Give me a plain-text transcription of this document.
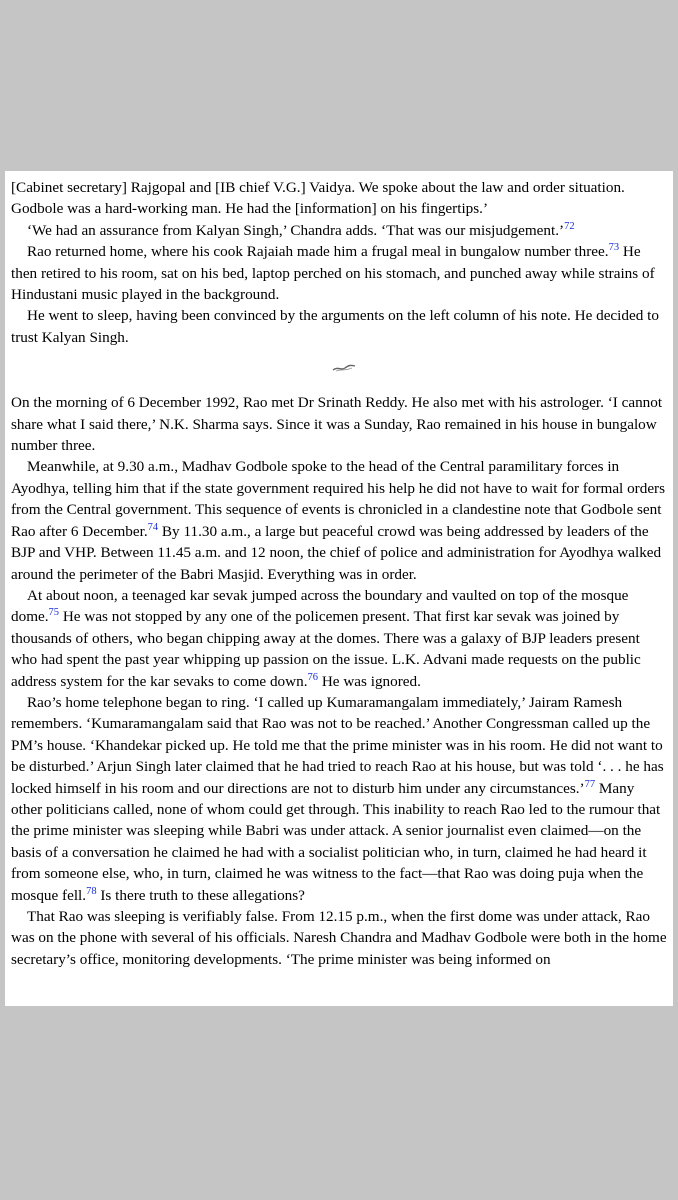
[Cabinet secretary] Rajgopal and [IB chief V.G.] Vaidya. We spoke about the law and order situation. Godbole was a hard-working man. He had the [information] on his fingertips.’

‘We had an assurance from Kalyan Singh,’ Chandra adds. ‘That was our misjudgement.’$^{72}$

Rao returned home, where his cook Rajaiah made him a frugal meal in bungalow number three.$^{73}$ He then retired to his room, sat on his bed, laptop perched on his stomach, and punched away while strains of Hindustani music played in the background.

He went to sleep, having been convinced by the arguments on the left column of his note. He decided to trust Kalyan Singh.

On the morning of 6 December 1992, Rao met Dr Srinath Reddy. He also met with his astrologer. ‘I cannot share what I said there,’ N.K. Sharma says. Since it was a Sunday, Rao remained in his house in bungalow number three.

Meanwhile, at 9.30 a.m., Madhav Godbole spoke to the head of the Central paramilitary forces in Ayodhya, telling him that if the state government required his help he did not have to wait for formal orders from the Central government. This sequence of events is chronicled in a clandestine note that Godbole sent Rao after 6 December.$^{74}$ By 11.30 a.m., a large but peaceful crowd was being addressed by leaders of the BJP and VHP. Between 11.45 a.m. and 12 noon, the chief of police and administration for Ayodhya walked around the perimeter of the Babri Masjid. Everything was in order.

At about noon, a teenaged kar sevak jumped across the boundary and vaulted on top of the mosque dome.$^{75}$ He was not stopped by any one of the policemen present. That first kar sevak was joined by thousands of others, who began chipping away at the domes. There was a galaxy of BJP leaders present who had spent the past year whipping up passion on the issue. L.K. Advani made requests on the public address system for the kar sevaks to come down.$^{76}$ He was ignored.

Rao’s home telephone began to ring. ‘I called up Kumaramangalam immediately,’ Jairam Ramesh remembers. ‘Kumaramangalam said that Rao was not to be reached.’ Another Congressman called up the PM’s house. ‘Khandekar picked up. He told me that the prime minister was in his room. He did not want to be disturbed.’ Arjun Singh later claimed that he had tried to reach Rao at his house, but was told ‘. . . he has locked himself in his room and our directions are not to disturb him under any circumstances.’$^{77}$ Many other politicians called, none of whom could get through. This inability to reach Rao led to the rumour that the prime minister was sleeping while Babri was under attack. A senior journalist even claimed—on the basis of a conversation he claimed he had with a socialist politician who, in turn, claimed he had heard it from someone else, who, in turn, claimed he was witness to the fact—that Rao was doing puja when the mosque fell.$^{78}$ Is there truth to these allegations?

That Rao was sleeping is verifiably false. From 12.15 p.m., when the first dome was under attack, Rao was on the phone with several of his officials. Naresh Chandra and Madhav Godbole were both in the home secretary’s office, monitoring developments. ‘The prime minister was being informed on
